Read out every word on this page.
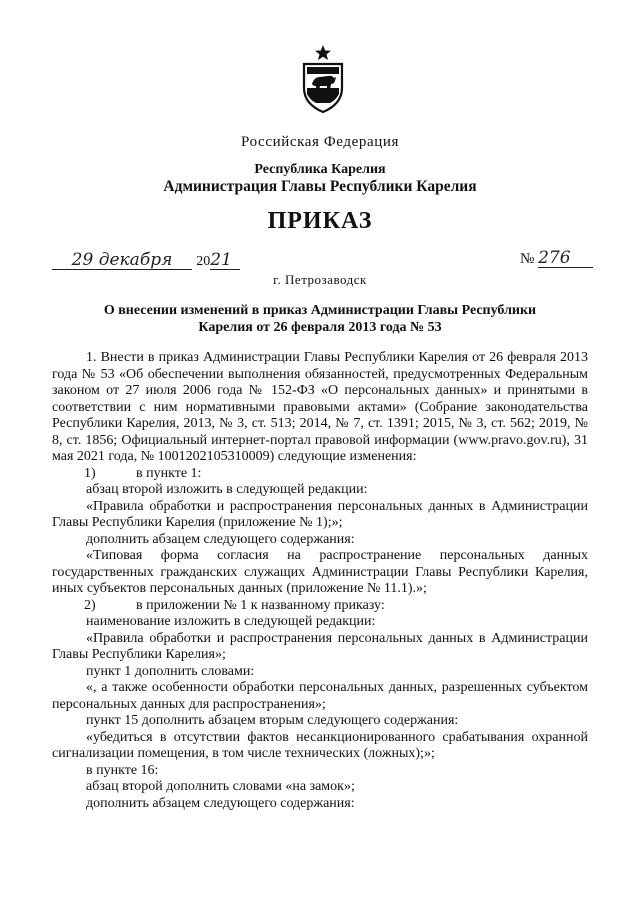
Российская Федерация
Республика Карелия
Администрация Главы Республики Карелия
ПРИКАЗ
29 декабря 2021	№ 276
г. Петрозаводск
О внесении изменений в приказ Администрации Главы Республики
Карелия от 26 февраля 2013 года № 53

1. Внести в приказ Администрации Главы Республики Карелия от 26 февраля 2013 года № 53 «Об обеспечении выполнения обязанностей, предусмотренных Федеральным законом от 27 июля 2006 года № 152-ФЗ «О персональных данных» и принятыми в соответствии с ним нормативными правовыми актами» (Собрание законодательства Республики Карелия, 2013, № 3, ст. 513; 2014, № 7, ст. 1391; 2015, № 3, ст. 562; 2019, № 8, ст. 1856; Официальный интернет-портал правовой информации (www.pravo.gov.ru), 31 мая 2021 года, № 1001202105310009) следующие изменения:

1)	в пункте 1:

абзац второй изложить в следующей редакции:

«Правила обработки и распространения персональных данных в Администрации Главы Республики Карелия (приложение № 1);»;

дополнить абзацем следующего содержания:

«Типовая форма согласия на распространение персональных данных государственных гражданских служащих Администрации Главы Республики Карелия, иных субъектов персональных данных (приложение № 11.1).»;

2)	в приложении № 1 к названному приказу:

наименование изложить в следующей редакции:

«Правила обработки и распространения персональных данных в Администрации Главы Республики Карелия»;

пункт 1 дополнить словами:

«, а также особенности обработки персональных данных, разрешенных субъектом персональных данных для распространения»;

пункт 15 дополнить абзацем вторым следующего содержания:

«убедиться в отсутствии фактов несанкционированного срабатывания охранной сигнализации помещения, в том числе технических (ложных);»;

в пункте 16:

абзац второй дополнить словами «на замок»;

дополнить абзацем следующего содержания:
